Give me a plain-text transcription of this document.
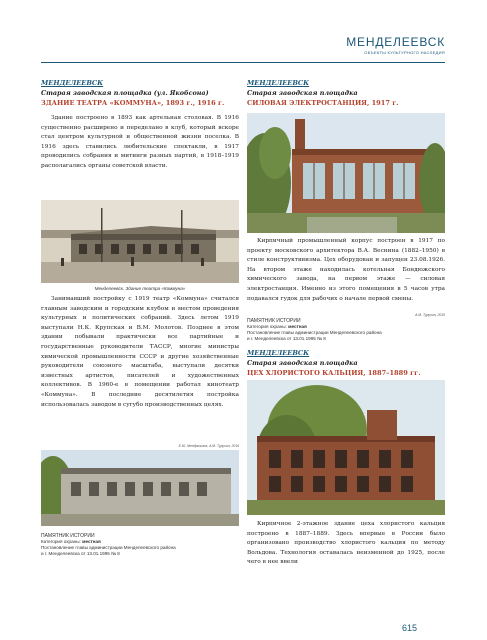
МЕНДЕЛЕЕВСК
ОБЪЕКТЫ КУЛЬТУРНОГО НАСЛЕДИЯ
МЕНДЕЛЕЕВСК
Старая заводская площадка (ул. Якобсона)
ЗДАНИЕ ТЕАТРА «КОММУНА», 1893 г., 1916 г.
Здание построено в 1893 как артельная столовая. В 1916 существенно расширено и переделано в клуб, который вскоре стал центром культурной и общественной жизни поселка. В 1916 здесь ставились любительские спектакли, в 1917 проводились собрания и митинги разных партий, в 1918–1919 располагались органы советской власти.
Менделеевск. Здание театра «Коммуна»
Занимавший постройку с 1919 театр «Коммуна» считался главным заводским и городским клубом и местом проведения культурных и политических собраний. Здесь летом 1919 выступали Н.К. Крупская и В.М. Молотов. Позднее в этом здании побывали практически все партийные и государственные руководители ТАССР, многие министры химической промышленности СССР и другие хозяйственные руководители союзного масштаба, выступали десятки известных артистов, писателей и художественных коллективов. В 1960-е в помещении работал кинотеатр «Коммуна». В последние десятилетия постройка использовалась заводом в сугубо производственных целях.
МЕНДЕЛЕЕВСК
Старая заводская площадка
СИЛОВАЯ ЭЛЕКТРОСТАНЦИЯ, 1917 г.
Кирпичный промышленный корпус построен в 1917 по проекту московского архитектора В.А. Веснина (1882–1950) в стиле конструктивизма. Цех оборудован и запущен 23.08.1926. На втором этаже находилась котельная Бондюжского химического завода, на первом этаже — силовая электростанция. Именно из этого помещения в 5 часов утра подавался гудок для рабочих о начале первой смены.
А.М. Турухин, 2015
ПАМЯТНИК ИСТОРИИ
Категория охраны: местная
Постановление главы администрации Менделеевского района
и г. Менделеевска от 13.01.1995 № 8
МЕНДЕЛЕЕВСК
Старая заводская площадка
ЦЕХ ХЛОРИСТОГО КАЛЬЦИЯ, 1887–1889 гг.
Е.Ю. Мендрыкина, А.М. Турухин, 2016
ПАМЯТНИК ИСТОРИИ
Категория охраны: местная
Постановление главы администрации Менделеевского района
и г. Менделеевска от 13.01.1995 № 8
Кирпичное 2-этажное здание цеха хлористого кальция построено в 1887–1889. Здесь впервые в России было организовано производство хлористого кальция по методу Вольдова. Технология оставалась неизменной до 1925, после чего в нее ввели
615
